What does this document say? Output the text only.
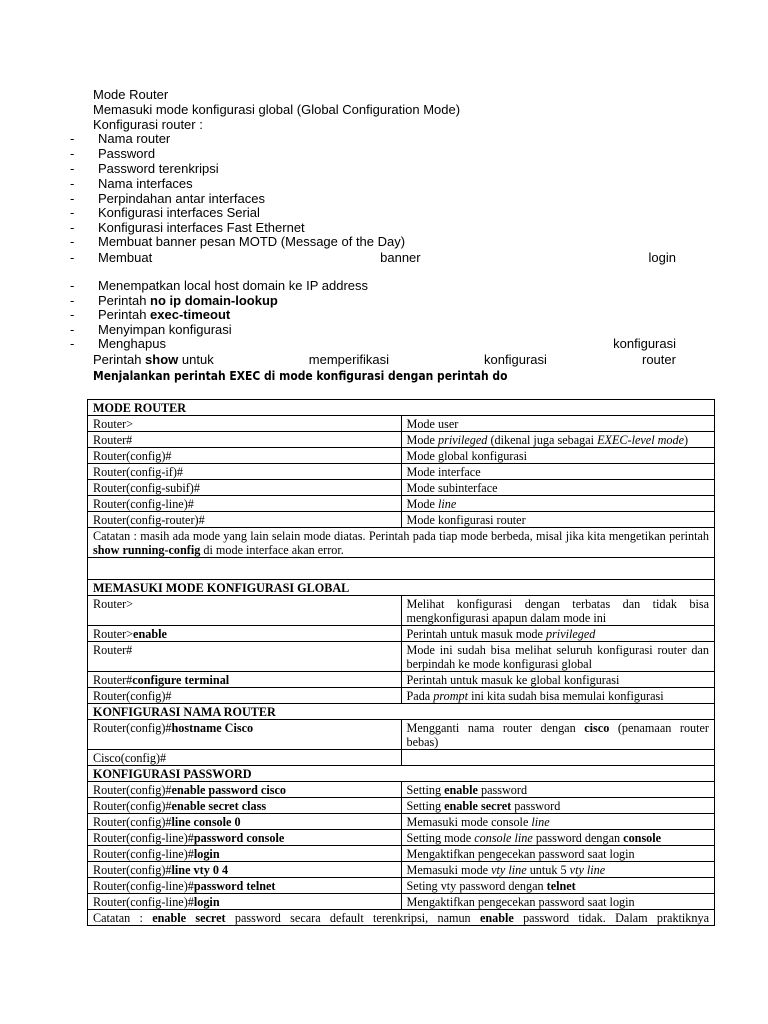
Mode Router
Memasuki mode konfigurasi global (Global Configuration Mode)
Konfigurasi router :
- Nama router
- Password
- Password terenkripsi
- Nama interfaces
- Perpindahan antar interfaces
- Konfigurasi interfaces Serial
- Konfigurasi interfaces Fast Ethernet
- Membuat banner pesan MOTD (Message of the Day)
- Membuat	banner	login
- Menempatkan local host domain ke IP address
- Perintah no ip domain-lookup
- Perintah exec-timeout
- Menyimpan konfigurasi
- Menghapus	konfigurasi
Perintah show untuk	memperifikasi	konfigurasi	router
Menjalankan perintah EXEC di mode konfigurasi dengan perintah do
MODE ROUTER	
Router>	Mode user
Router#	Mode privileged (dikenal juga sebagai EXEC-level mode)
Router(config)#	Mode global konfigurasi
Router(config-if)#	Mode interface
Router(config-subif)#	Mode subinterface
Router(config-line)#	Mode line
Router(config-router)#	Mode konfigurasi router
Catatan : masih ada mode yang lain selain mode diatas. Perintah pada tiap mode berbeda, misal jika kita mengetikan perintah show running-config di mode interface akan error.	

MEMASUKI MODE KONFIGURASI GLOBAL	
Router>	Melihat konfigurasi dengan terbatas dan tidak bisa mengkonfigurasi apapun dalam mode ini
Router>enable	Perintah untuk masuk mode privileged
Router#	Mode ini sudah bisa melihat seluruh konfigurasi router dan berpindah ke mode konfigurasi global
Router#configure terminal	Perintah untuk masuk ke global konfigurasi
Router(config)#	Pada prompt ini kita sudah bisa memulai konfigurasi
KONFIGURASI NAMA ROUTER	
Router(config)#hostname Cisco	Mengganti nama router dengan cisco (penamaan router bebas)
Cisco(config)#	
KONFIGURASI PASSWORD	
Router(config)#enable password cisco	Setting enable password
Router(config)#enable secret class	Setting enable secret password
Router(config)#line console 0	Memasuki mode console line
Router(config-line)#password console	Setting mode console line password dengan console
Router(config-line)#login	Mengaktifkan pengecekan password saat login
Router(config)#line vty 0 4	Memasuki mode vty line untuk 5 vty line
Router(config-line)#password telnet	Seting vty password dengan telnet
Router(config-line)#login	Mengaktifkan pengecekan password saat login
Catatan : enable secret password secara default terenkripsi, namun enable password tidak. Dalam praktiknya	
